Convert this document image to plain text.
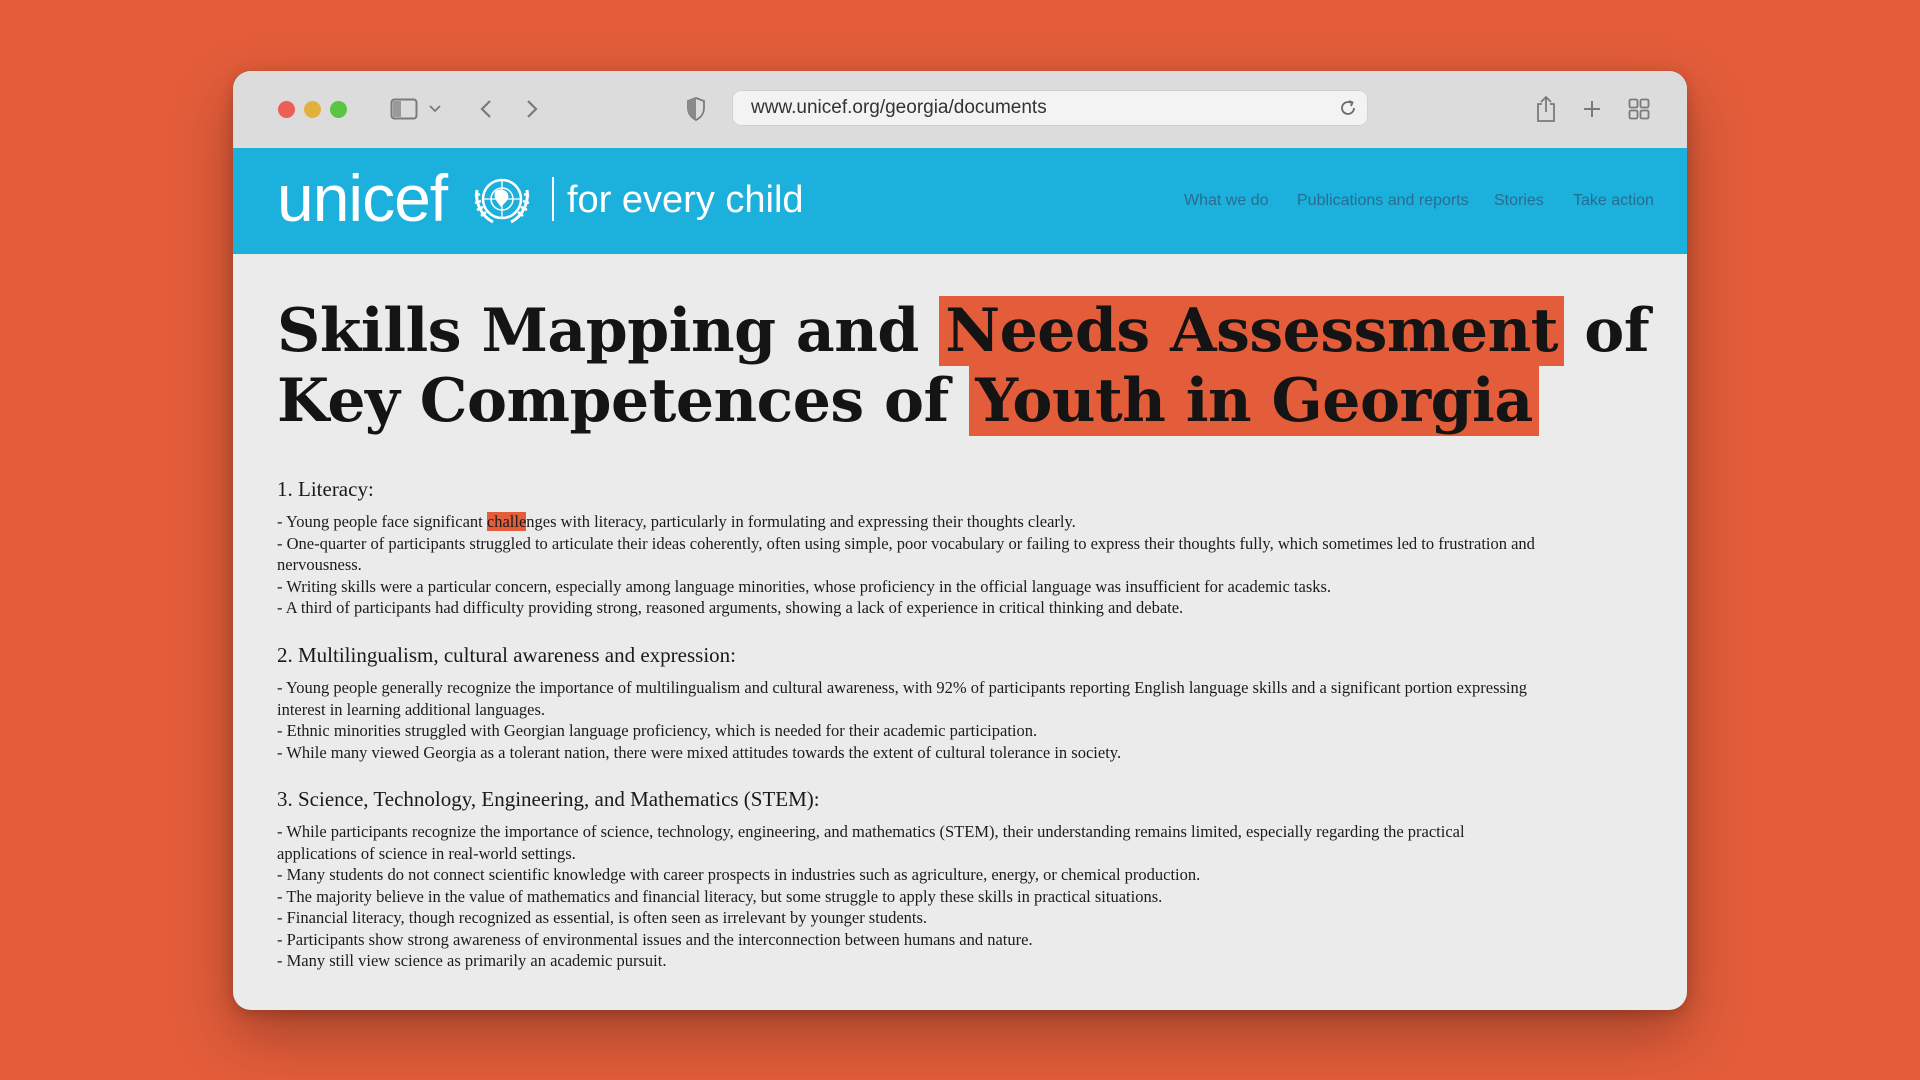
www.unicef.org/georgia/documents
unicef	for every child	What we do Publications and reports Stories Take action
Skills Mapping and Needs Assessment of Key Competences of Youth in Georgia
1. Literacy:
- Young people face significant challenges with literacy, particularly in formulating and expressing their thoughts clearly.
- One-quarter of participants struggled to articulate their ideas coherently, often using simple, poor vocabulary or failing to express their thoughts fully, which sometimes led to frustration and nervousness.
- Writing skills were a particular concern, especially among language minorities, whose proficiency in the official language was insufficient for academic tasks.
- A third of participants had difficulty providing strong, reasoned arguments, showing a lack of experience in critical thinking and debate.
2. Multilingualism, cultural awareness and expression:
- Young people generally recognize the importance of multilingualism and cultural awareness, with 92% of participants reporting English language skills and a significant portion expressing interest in learning additional languages.
- Ethnic minorities struggled with Georgian language proficiency, which is needed for their academic participation.
- While many viewed Georgia as a tolerant nation, there were mixed attitudes towards the extent of cultural tolerance in society.
3. Science, Technology, Engineering, and Mathematics (STEM):
- While participants recognize the importance of science, technology, engineering, and mathematics (STEM), their understanding remains limited, especially regarding the practical applications of science in real-world settings.
- Many students do not connect scientific knowledge with career prospects in industries such as agriculture, energy, or chemical production.
- The majority believe in the value of mathematics and financial literacy, but some struggle to apply these skills in practical situations.
- Financial literacy, though recognized as essential, is often seen as irrelevant by younger students.
- Participants show strong awareness of environmental issues and the interconnection between humans and nature.
- Many still view science as primarily an academic pursuit.
